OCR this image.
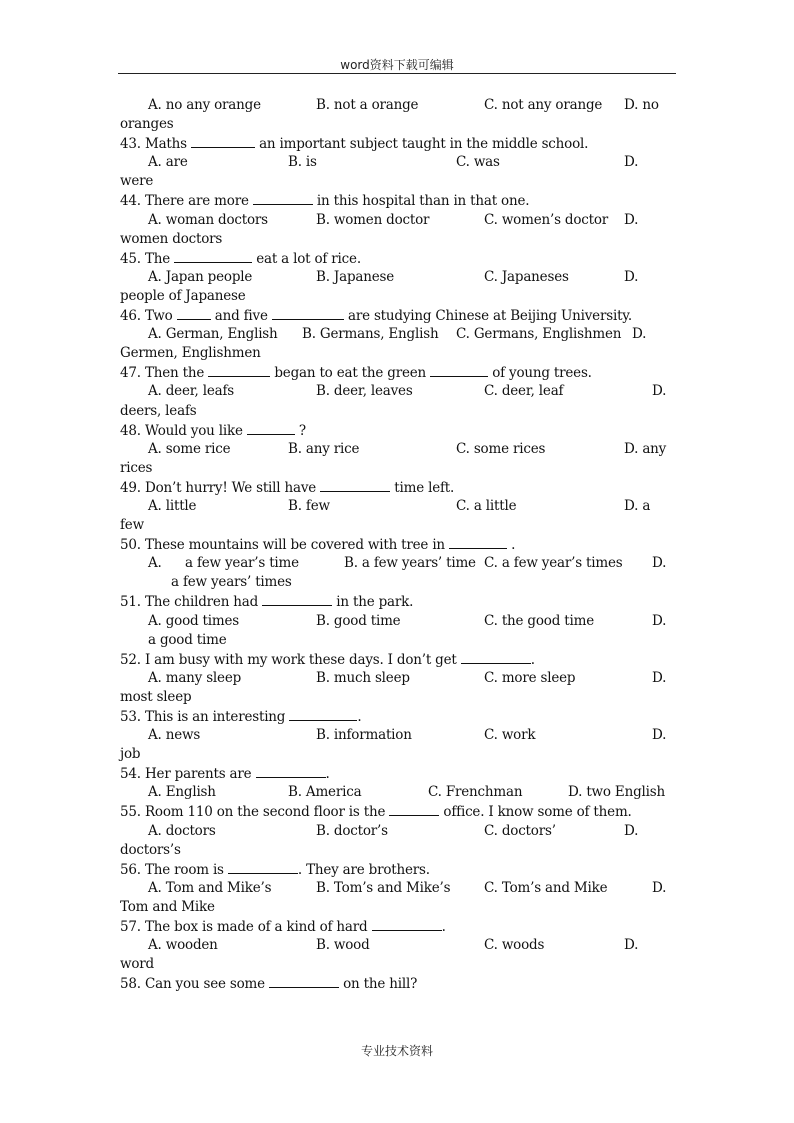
word资料下载可编辑
A. no any orange	B. not a orange	C. not any orange D. no
oranges
43. Maths	an important subject taught in the middle school.
A. are	B. is	C. was	D.
were
44. There are more	in this hospital than in that one.
A. woman doctors	B. women doctor	C. women’s doctor D.
women doctors
45. The	eat a lot of rice.
A. Japan people	B. Japanese	C. Japaneses	D.
people of Japanese
46. Two	and five	are studying Chinese at Beijing University.
A. German, English B. Germans, English C. Germans, Englishmen D.
Germen, Englishmen
47. Then the	began to eat the green	of young trees.
A. deer, leafs	B. deer, leaves	C. deer, leaf	D.
deers, leafs
48. Would you like	?
A. some rice	B. any rice	C. some rices	D. any
rices
49. Don’t hurry! We still have	time left.
A. little	B. few	C. a little	D. a
few
50. These mountains will be covered with tree in	.
A. a few year’s time	B. a few years’ time C. a few year’s times D.
a few years’ times
51. The children had	in the park.
A. good times	B. good time	C. the good time	D.
a good time
52. I am busy with my work these days. I don’t get	.
A. many sleep	B. much sleep	C. more sleep	D.
most sleep
53. This is an interesting	.
A. news	B. information	C. work	D.
job
54. Her parents are	.
A. English	B. America	C. Frenchman	D. two English
55. Room 110 on the second floor is the	office. I know some of them.
A. doctors	B. doctor’s	C. doctors’	D.
doctors’s
56. The room is	. They are brothers.
A. Tom and Mike’s	B. Tom’s and Mike’s C. Tom’s and Mike	D.
Tom and Mike
57. The box is made of a kind of hard	.
A. wooden	B. wood	C. woods	D.
word
58. Can you see some	on the hill?
专业技术资料
